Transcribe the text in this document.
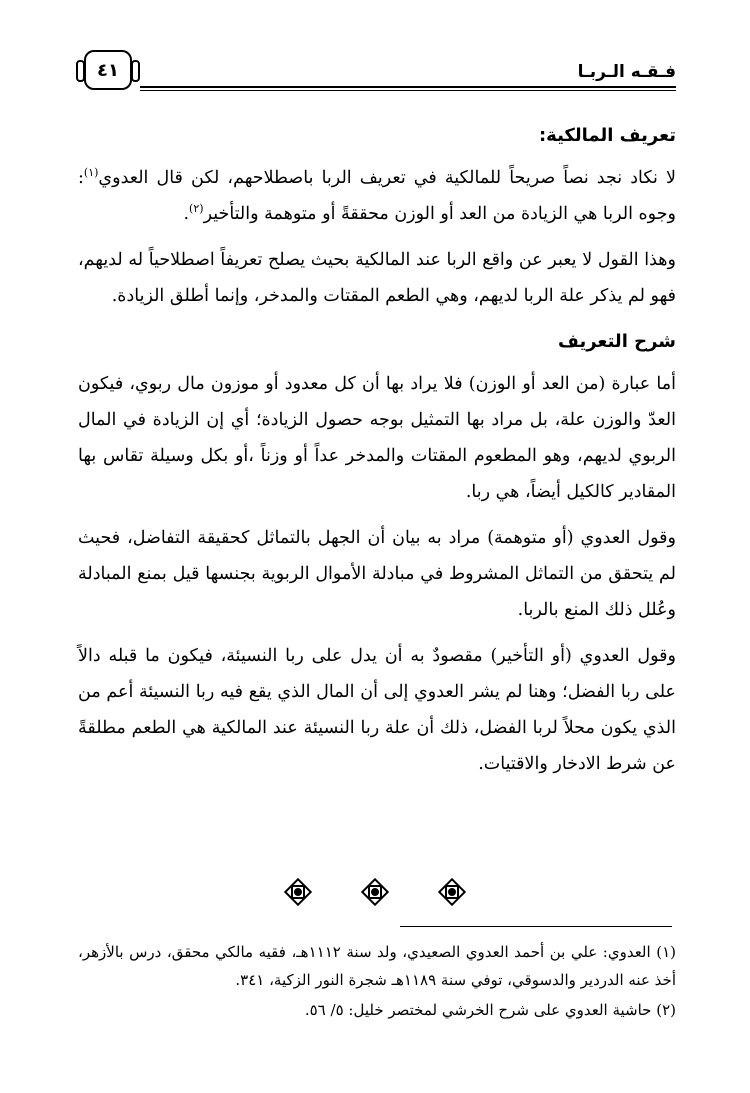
فـقـه الـربـا
٤١
تعريف المالكية:

لا نكاد نجد نصاً صريحاً للمالكية في تعريف الربا باصطلاحهم، لكن قال العدوي$^{(١)}$: وجوه الربا هي الزيادة من العد أو الوزن محققةً أو متوهمة والتأخير$^{(٢)}$.

وهذا القول لا يعبر عن واقع الربا عند المالكية بحيث يصلح تعريفاً اصطلاحياً له لديهم، فهو لم يذكر علة الربا لديهم، وهي الطعم المقتات والمدخر، وإنما أطلق الزيادة.

شرح التعريف

أما عبارة (من العد أو الوزن) فلا يراد بها أن كل معدود أو موزون مال ربوي، فيكون العدّ والوزن علة، بل مراد بها التمثيل بوجه حصول الزيادة؛ أي إن الزيادة في المال الربوي لديهم، وهو المطعوم المقتات والمدخر عداً أو وزناً ،أو بكل وسيلة تقاس بها المقادير كالكيل أيضاً، هي ربا.

وقول العدوي (أو متوهمة) مراد به بيان أن الجهل بالتماثل كحقيقة التفاضل، فحيث لم يتحقق من التماثل المشروط في مبادلة الأموال الربوية بجنسها قيل بمنع المبادلة وعُلل ذلك المنع بالربا.

وقول العدوي (أو التأخير) مقصودٌ به أن يدل على ربا النسيئة، فيكون ما قبله دالاً على ربا الفضل؛ وهنا لم يشر العدوي إلى أن المال الذي يقع فيه ربا النسيئة أعم من الذي يكون محلاً لربا الفضل، ذلك أن علة ربا النسيئة عند المالكية هي الطعم مطلقةً عن شرط الادخار والاقتيات.

(١) العدوي: علي بن أحمد العدوي الصعيدي، ولد سنة ١١١٢هـ، فقيه مالكي محقق، درس بالأزهر، أخذ عنه الدردير والدسوقي، توفي سنة ١١٨٩هـ شجرة النور الزكية، ٣٤١.

(٢) حاشية العدوي على شرح الخرشي لمختصر خليل: ٥/ ٥٦.
